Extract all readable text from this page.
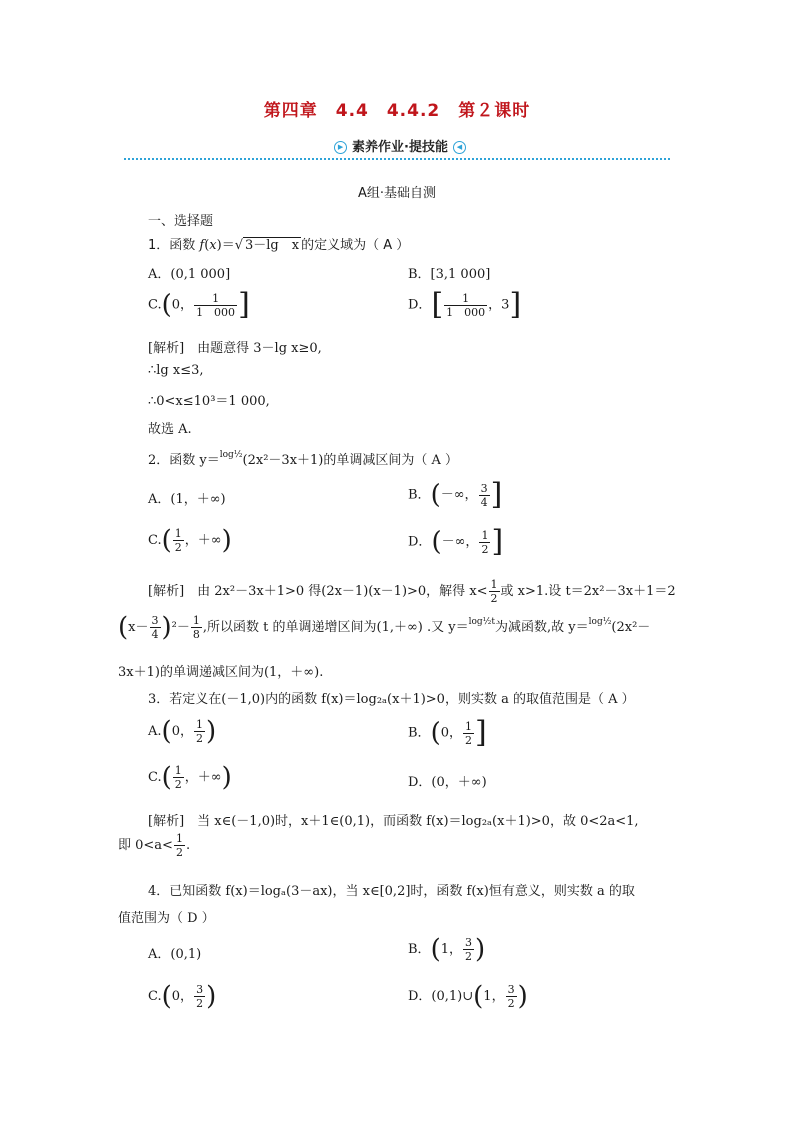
第四章　4.4　4.4.2　第２课时
▶ 素养作业·提技能 ◀
A组·基础自测
一、选择题
1．函数 f(x)＝√ 3－lg　x 的定义域为（ A ）
A．(0,1 000]	B．[3,1 000]
C.(0， $\frac{1}{1 000}$ ]	D．[ $\frac{1}{1 000}$ ，3]
[解析]　由题意得 3－lg x≥0,
∴lg x≤3,
∴0<x≤10³＝1 000,
故选 A.
2．函数 y＝$^{log\frac{1}{2}}$(2x²－3x＋1)的单调减区间为（ A ）
A．(1，＋∞)	B．(－∞， $\frac{3}{4}$ ]
$C.( \frac{1}{2}$ ，＋∞)	D．(－∞， $\frac{1}{2}$ ]
[解析]　由 2x²－3x＋1>0 得(2x－1)(x－1)>0，解得 $x< \frac{1}{2}$ 或 x>1.设 t＝2x²－3x＋1＝2
$(x- \frac{3}{4} )^2- \frac{1}{8}$ ,所以函数 t 的单调递增区间为(1,＋∞) .又 y＝$^{log\frac{1}{2}t}$为减函数,故 y＝$^{log\frac{1}{2}}$(2x²－
3x＋1)的单调递减区间为(1，＋∞).
3．若定义在(－1,0)内的函数 f(x)＝log₂ₐ(x＋1)>0，则实数 a 的取值范围是（ A ）
A.(0， $\frac{1}{2}$ )	B．(0， $\frac{1}{2}$ ]
$C.( \frac{1}{2}$ ，＋∞)	D．(0，＋∞)
[解析]　当 x∈(－1,0)时，x＋1∈(0,1)，而函数 f(x)＝log₂ₐ(x＋1)>0，故 0<2a<1,
即 $0<a< \frac{1}{2}$ .
4．已知函数 f(x)＝logₐ(3－ax)，当 x∈[0,2]时，函数 f(x)恒有意义，则实数 a 的取
值范围为（ D ）
A．(0,1)	B．(1， $\frac{3}{2}$ )
C.(0， $\frac{3}{2}$ )	D．(0,1)∪(1， $\frac{3}{2}$ )
